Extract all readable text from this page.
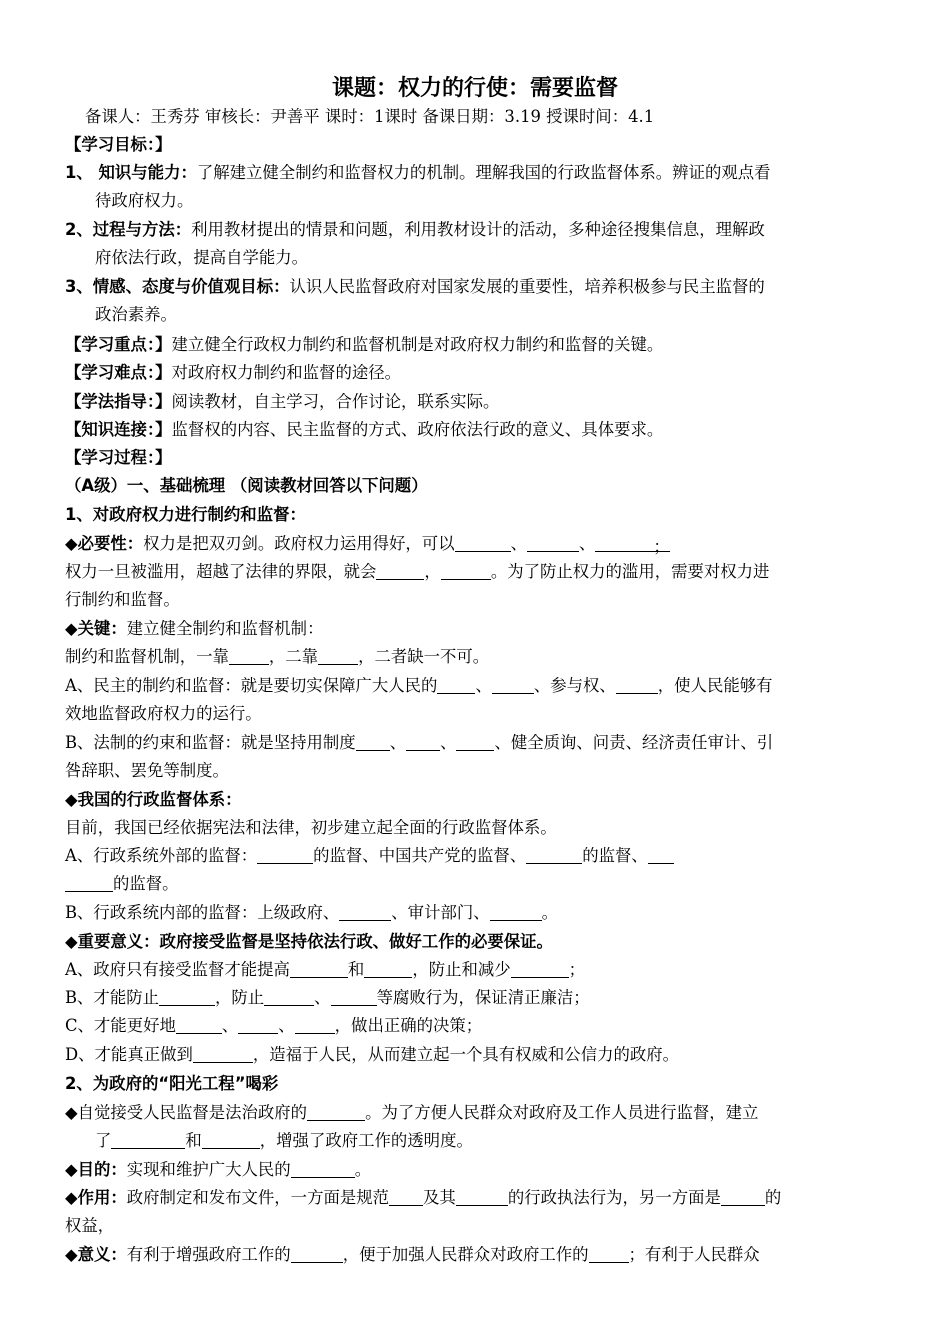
课题：权力的行使：需要监督
备课人：王秀芬 审核长：尹善平 课时：1课时 备课日期：3.19 授课时间：4.1
【学习目标：】
1、 知识与能力：了解建立健全制约和监督权力的机制。理解我国的行政监督体系。辨证的观点看
待政府权力。
2、过程与方法：利用教材提出的情景和问题，利用教材设计的活动，多种途径搜集信息，理解政
府依法行政，提高自学能力。
3、情感、态度与价值观目标：认识人民监督政府对国家发展的重要性，培养积极参与民主监督的
政治素养。
【学习重点：】建立健全行政权力制约和监督机制是对政府权力制约和监督的关键。
【学习难点：】对政府权力制约和监督的途径。
【学法指导：】阅读教材，自主学习，合作讨论，联系实际。
【知识连接：】监督权的内容、民主监督的方式、政府依法行政的意义、具体要求。
【学习过程：】
（A级）一、基础梳理 （阅读教材回答以下问题）
1、对政府权力进行制约和监督：
◆必要性：权力是把双刃剑。政府权力运用得好，可以	、	、	；
权力一旦被滥用，超越了法律的界限，就会	，	。为了防止权力的滥用，需要对权力进
行制约和监督。
◆关键：建立健全制约和监督机制：
制约和监督机制，一靠 ，二靠 ，二者缺一不可。
A、民主的制约和监督：就是要切实保障广大人民的 、	、参与权、	，使人民能够有
效地监督政府权力的运行。
B、法制的约束和监督：就是坚持用制度 、 、 、健全质询、问责、经济责任审计、引
咎辞职、罢免等制度。
◆我国的行政监督体系：
目前，我国已经依据宪法和法律，初步建立起全面的行政监督体系。
A、行政系统外部的监督：	的监督、中国共产党的监督、	的监督、
的监督。
B、行政系统内部的监督：上级政府、	、审计部门、	。
◆重要意义：政府接受监督是坚持依法行政、做好工作的必要保证。
A、政府只有接受监督才能提高	和	，防止和减少	；
B、才能防止	，防止	、	等腐败行为，保证清正廉洁；
C、才能更好地	、 、 ，做出正确的决策；
D、才能真正做到	，造福于人民，从而建立起一个具有权威和公信力的政府。
2、为政府的“阳光工程”喝彩
◆自觉接受人民监督是法治政府的	。为了方便人民群众对政府及工作人员进行监督，建立
了	和	，增强了政府工作的透明度。
◆目的：实现和维护广大人民的	。
◆作用：政府制定和发布文件，一方面是规范 及其	的行政执法行为，另一方面是	的
权益，
◆意义：有利于增强政府工作的	，便于加强人民群众对政府工作的 ；有利于人民群众
